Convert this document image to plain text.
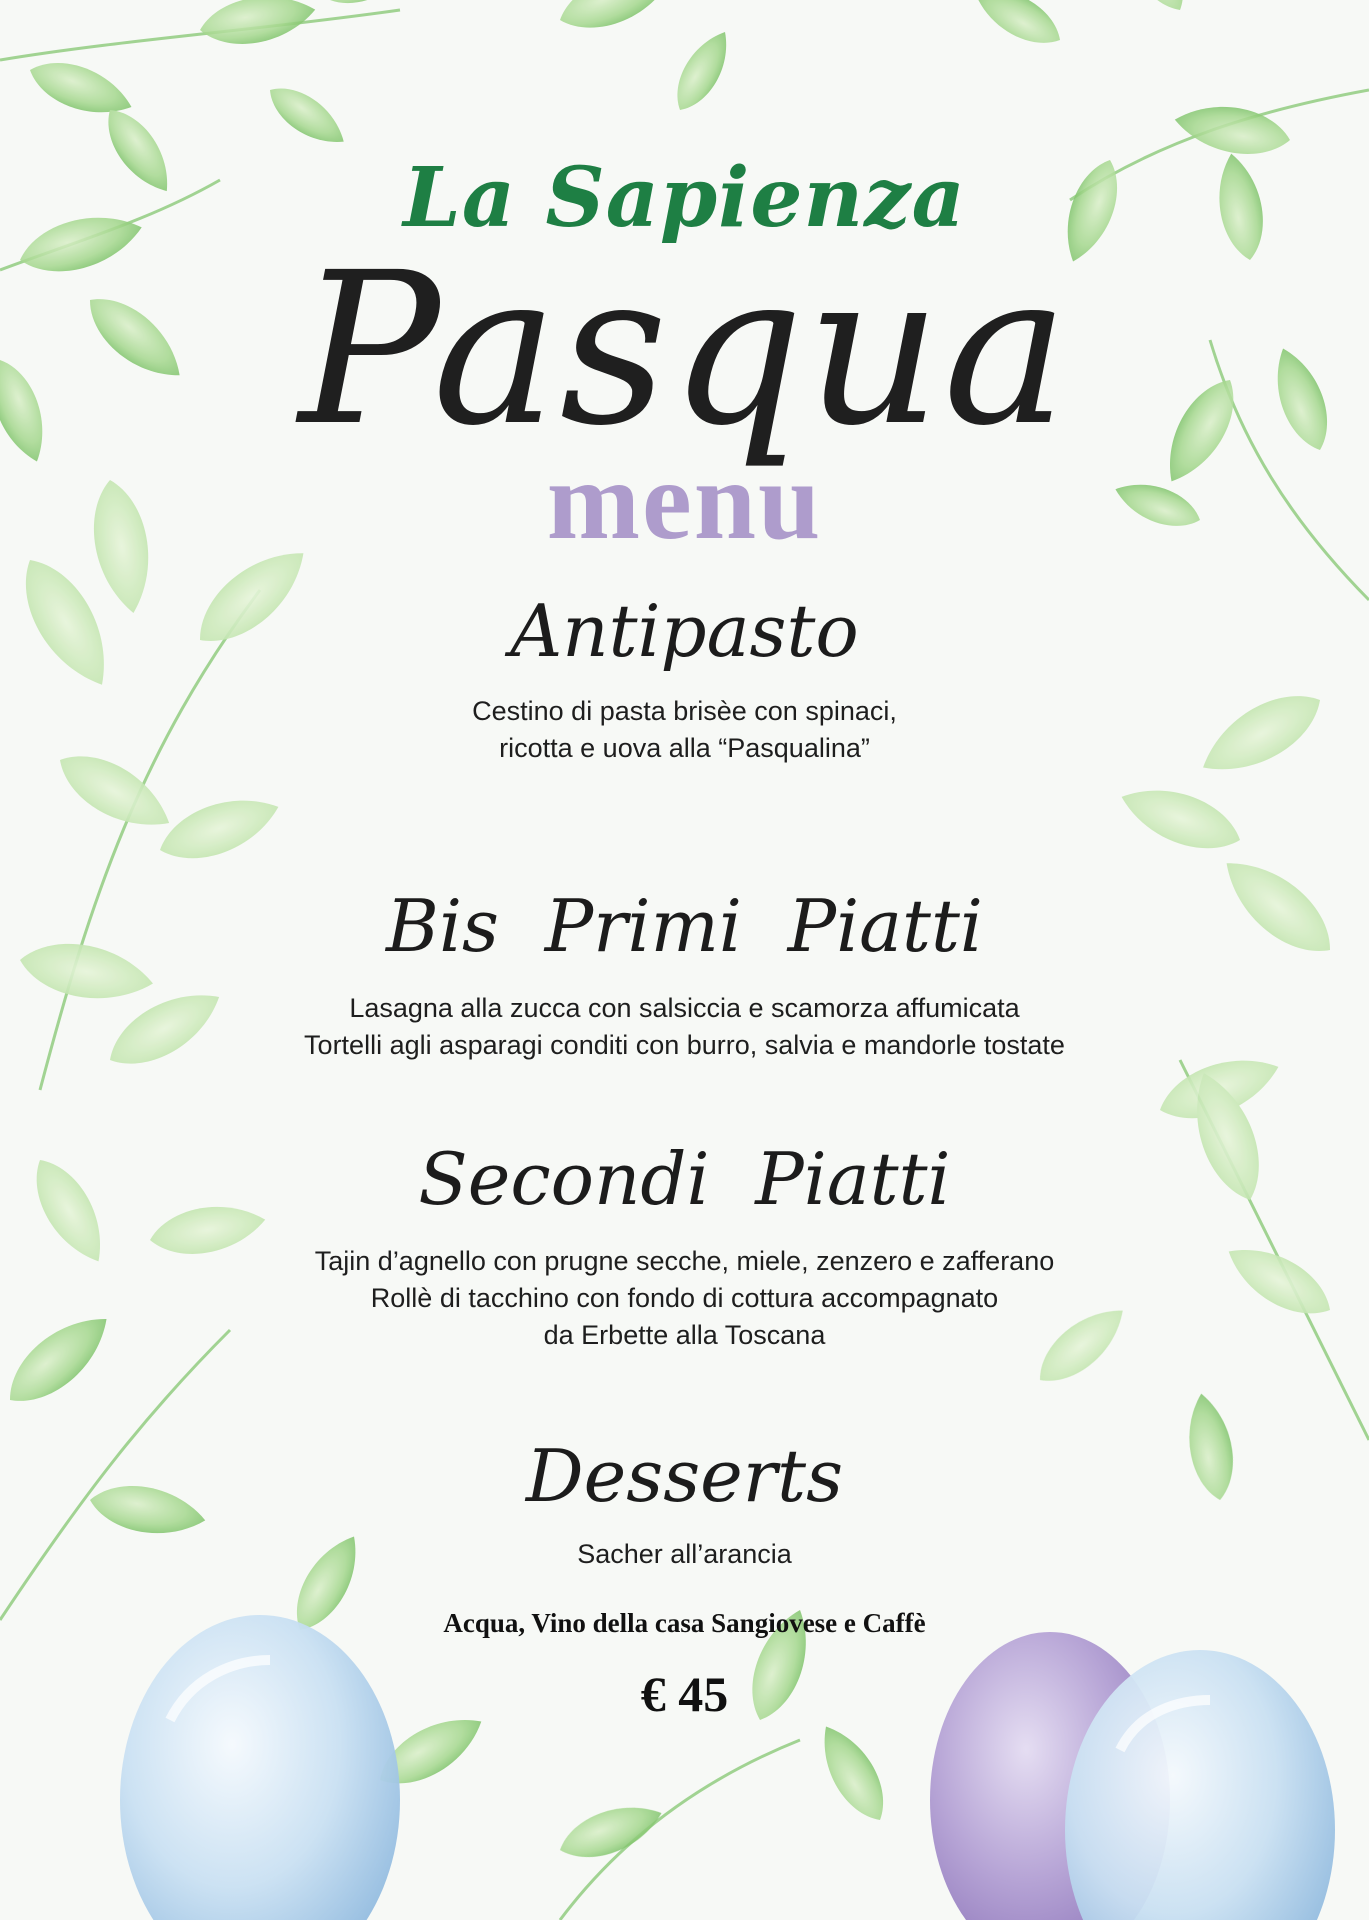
La Sapienza
Pasqua
menu
Antipasto
Cestino di pasta brisèe con spinaci,
ricotta e uova alla “Pasqualina”
Bis  Primi  Piatti
Lasagna alla zucca con salsiccia e scamorza affumicata
Tortelli agli asparagi conditi con burro, salvia e mandorle tostate
Secondi  Piatti
Tajin d’agnello con prugne secche, miele, zenzero e zafferano
Rollè di tacchino con fondo di cottura accompagnato
da Erbette alla Toscana
Desserts
Sacher all’arancia
Acqua, Vino della casa Sangiovese e Caffè
€ 45
